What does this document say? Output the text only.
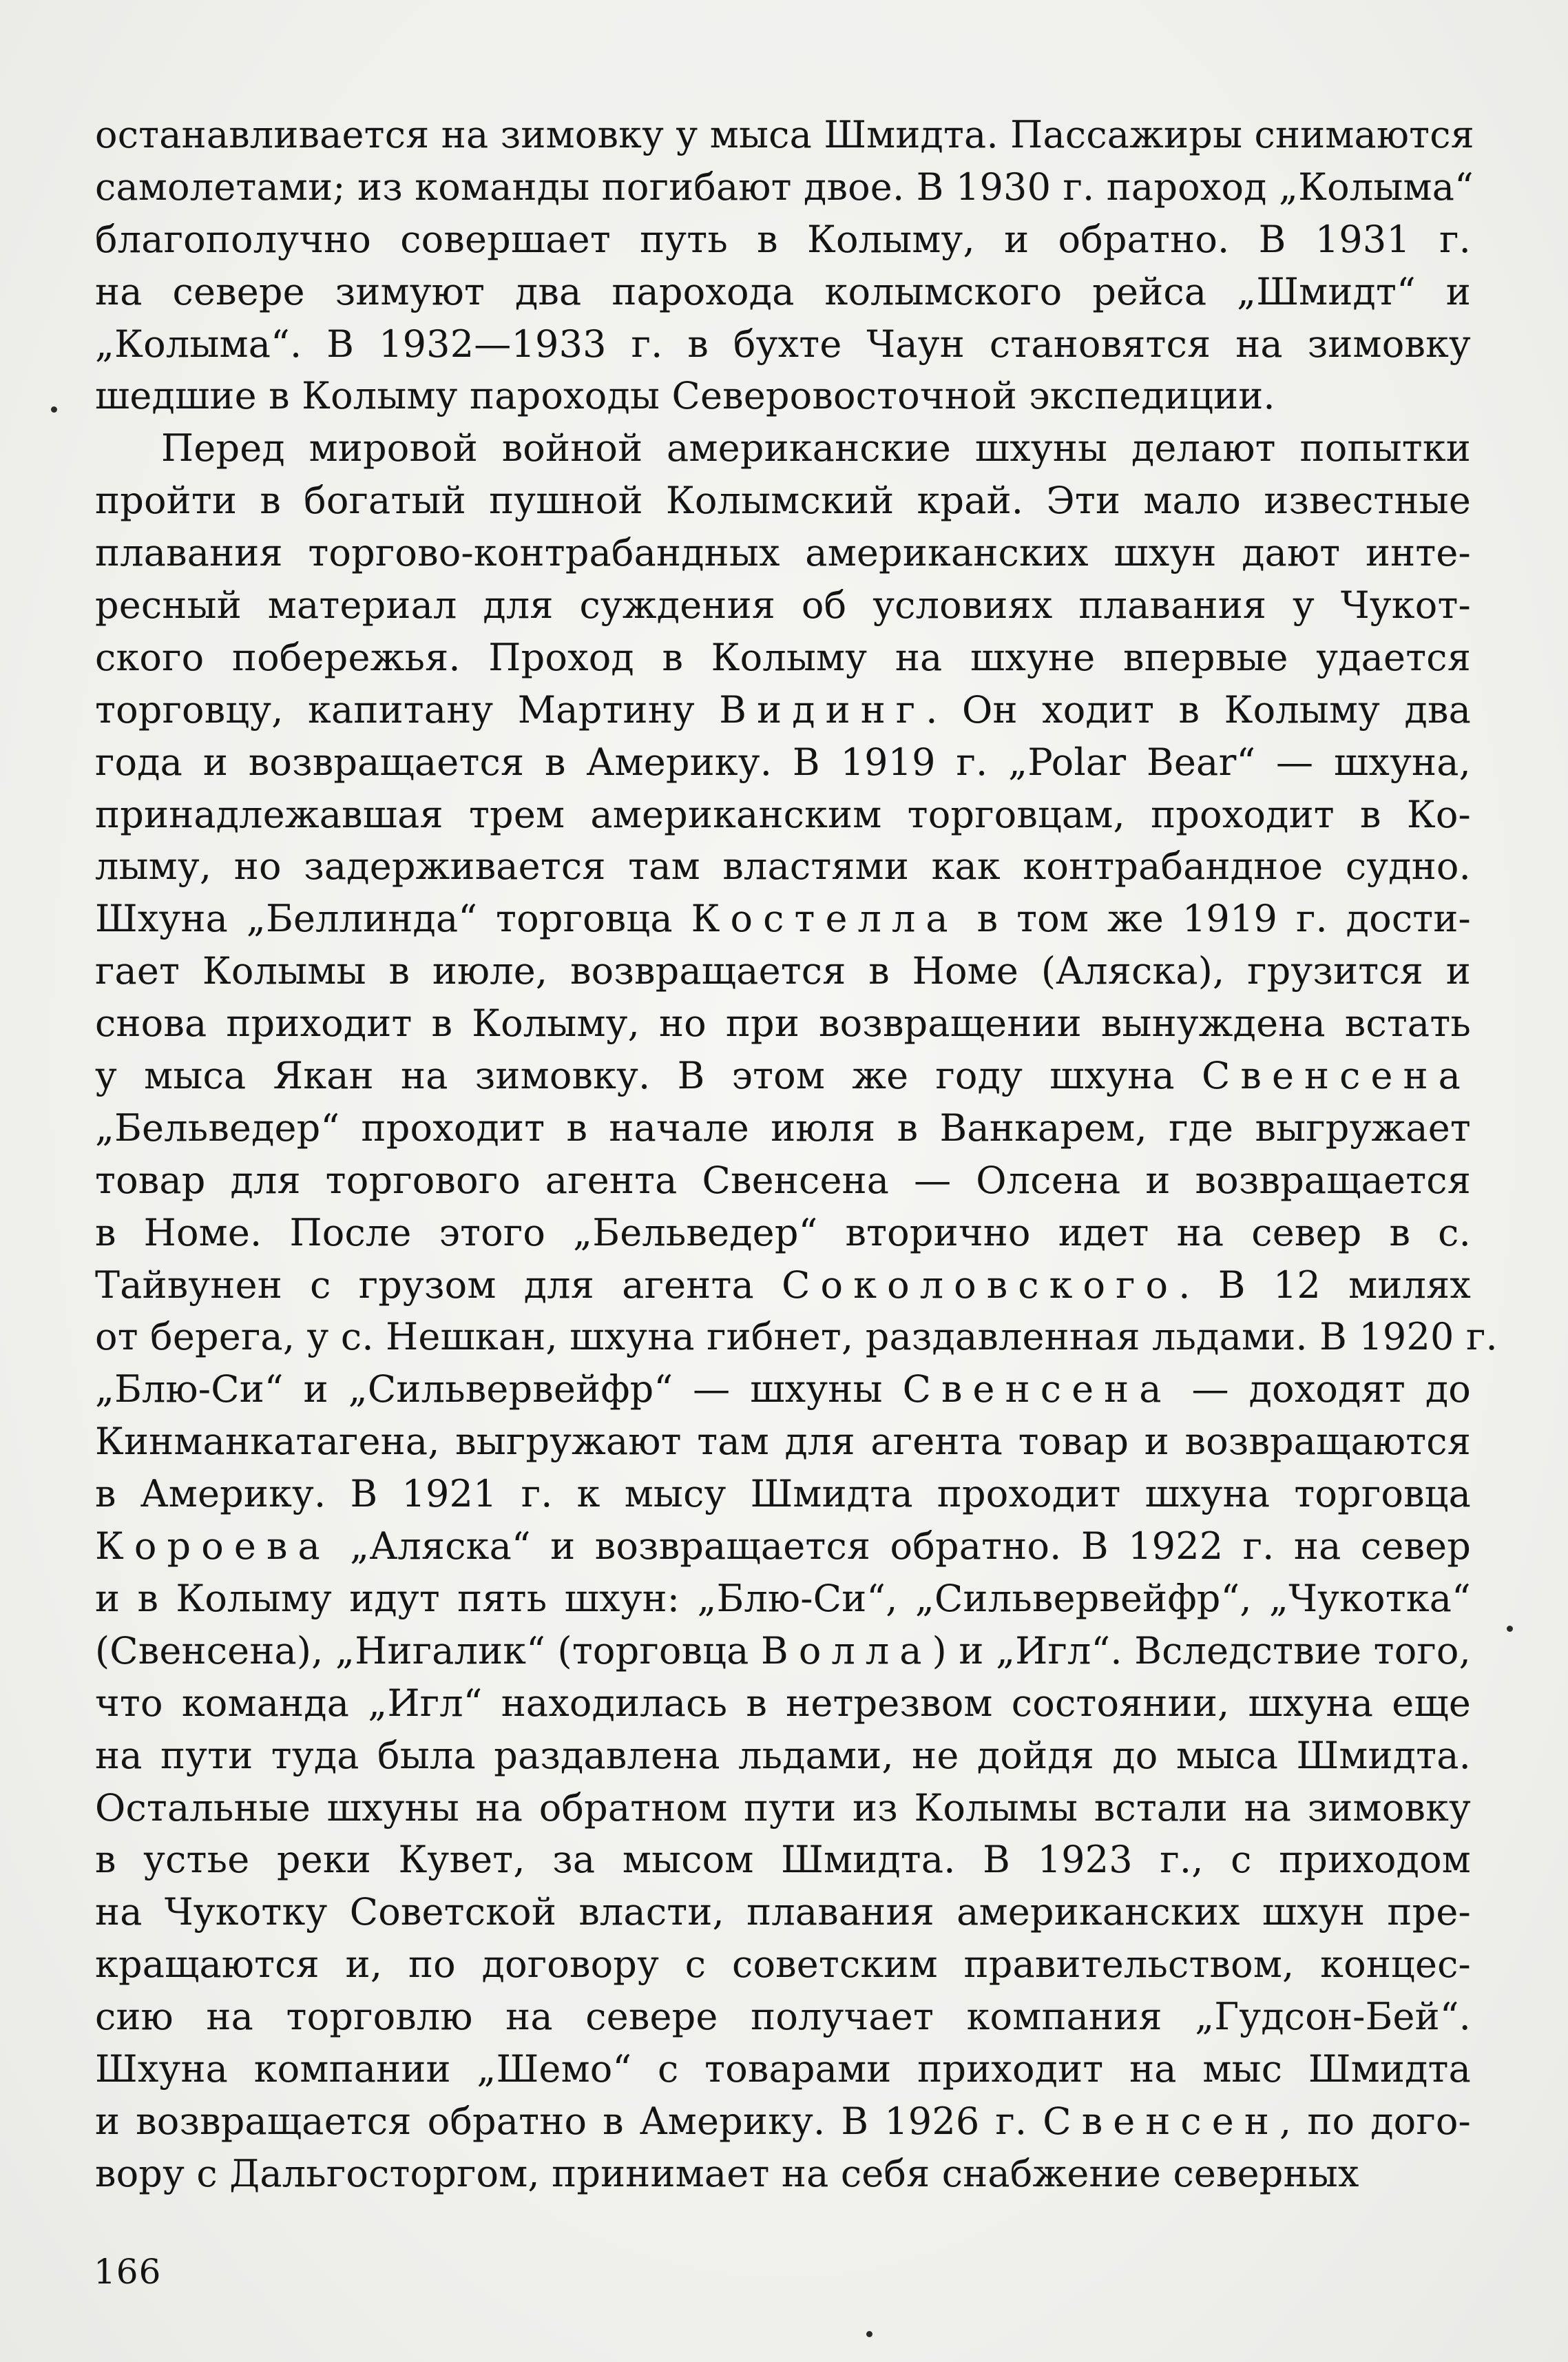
останавливается на зимовку у мыса Шмидта. Пассажиры снимаются
самолетами; из команды погибают двое. В 1930 г. пароход „Колыма“
благополучно совершает путь в Колыму, и обратно. В 1931 г.
на севере зимуют два парохода колымского рейса „Шмидт“ и
„Колыма“. В 1932—1933 г. в бухте Чаун становятся на зимовку
шедшие в Колыму пароходы Северовосточной экспедиции.
Перед мировой войной американские шхуны делают попытки
пройти в богатый пушной Колымский край. Эти мало известные
плавания торгово-контрабандных американских шхун дают инте-
ресный материал для суждения об условиях плавания у Чукот-
ского побережья. Проход в Колыму на шхуне впервые удается
торговцу, капитану Мартину Видинг. Он ходит в Колыму два
года и возвращается в Америку. В 1919 г. „Polar Bear“ — шхуна,
принадлежавшая трем американским торговцам, проходит в Ко-
лыму, но задерживается там властями как контрабандное судно.
Шхуна „Беллинда“ торговца Костелла в том же 1919 г. дости-
гает Колымы в июле, возвращается в Номе (Аляска), грузится и
снова приходит в Колыму, но при возвращении вынуждена встать
у мыса Якан на зимовку. В этом же году шхуна Свенсена
„Бельведер“ проходит в начале июля в Ванкарем, где выгружает
товар для торгового агента Свенсена — Олсена и возвращается
в Номе. После этого „Бельведер“ вторично идет на север в с.
Тайвунен с грузом для агента Соколовского. В 12 милях
от берега, у с. Нешкан, шхуна гибнет, раздавленная льдами. В 1920 г.
„Блю-Си“ и „Сильвервейфр“ — шхуны Свенсена — доходят до
Кинманкатагена, выгружают там для агента товар и возвращаются
в Америку. В 1921 г. к мысу Шмидта проходит шхуна торговца
Короева „Аляска“ и возвращается обратно. В 1922 г. на север
и в Колыму идут пять шхун: „Блю-Си“, „Сильвервейфр“, „Чукотка“
(Свенсена), „Нигалик“ (торговца Волла) и „Игл“. Вследствие того,
что команда „Игл“ находилась в нетрезвом состоянии, шхуна еще
на пути туда была раздавлена льдами, не дойдя до мыса Шмидта.
Остальные шхуны на обратном пути из Колымы встали на зимовку
в устье реки Кувет, за мысом Шмидта. В 1923 г., с приходом
на Чукотку Советской власти, плавания американских шхун пре-
кращаются и, по договору с советским правительством, концес-
сию на торговлю на севере получает компания „Гудсон-Бей“.
Шхуна компании „Шемо“ с товарами приходит на мыс Шмидта
и возвращается обратно в Америку. В 1926 г. Свенсен, по дого-
вору с Дальгосторгом, принимает на себя снабжение северных
166
